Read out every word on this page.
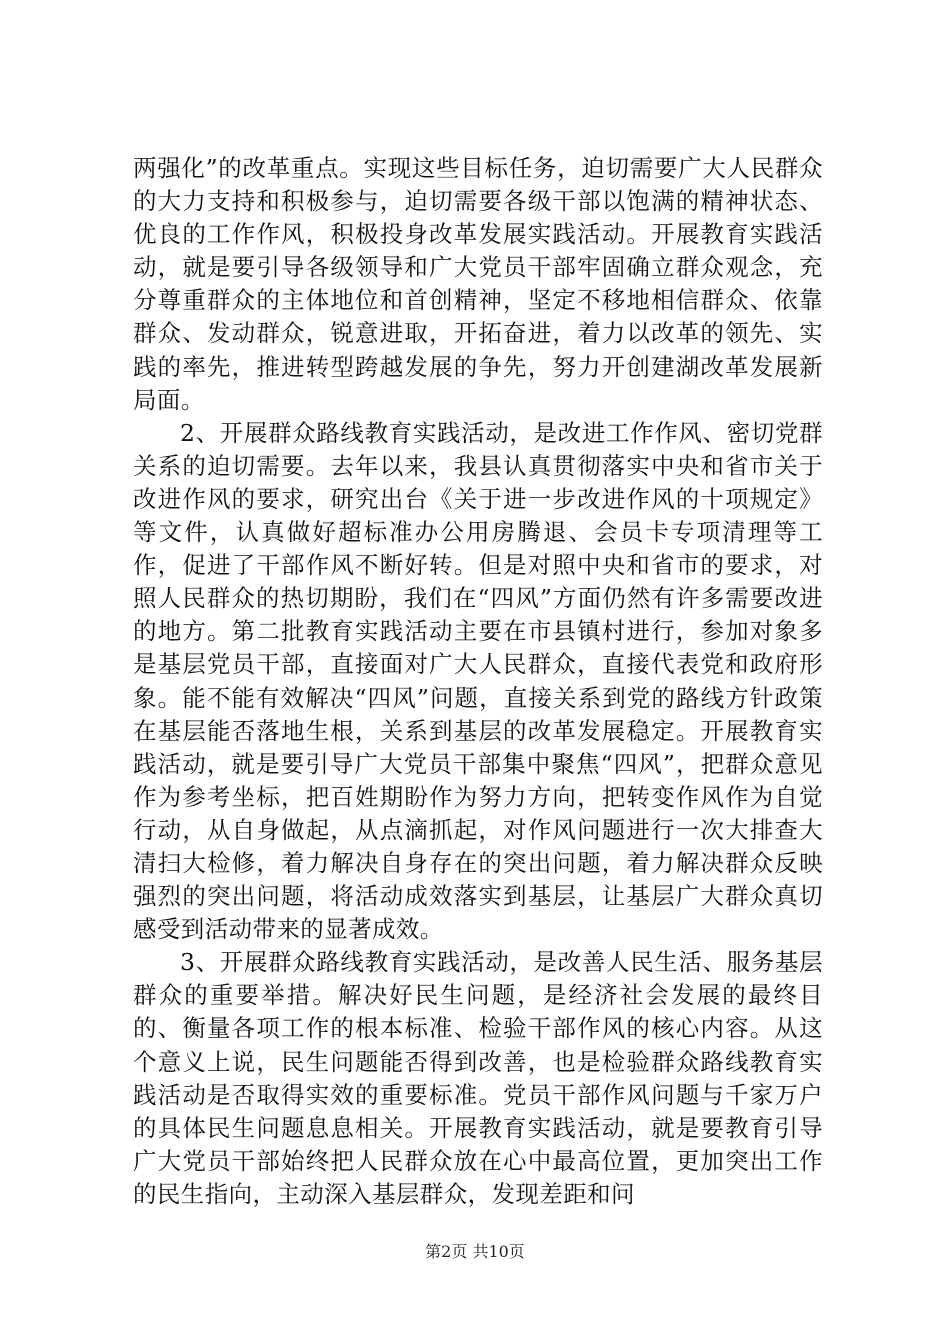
两强化”的改革重点。实现这些目标任务，迫切需要广大人民群众的大力支持和积极参与，迫切需要各级干部以饱满的精神状态、优良的工作作风，积极投身改革发展实践活动。开展教育实践活动，就是要引导各级领导和广大党员干部牢固确立群众观念，充分尊重群众的主体地位和首创精神，坚定不移地相信群众、依靠群众、发动群众，锐意进取，开拓奋进，着力以改革的领先、实践的率先，推进转型跨越发展的争先，努力开创建湖改革发展新局面。

2、开展群众路线教育实践活动，是改进工作作风、密切党群关系的迫切需要。去年以来，我县认真贯彻落实中央和省市关于改进作风的要求，研究出台《关于进一步改进作风的十项规定》等文件，认真做好超标准办公用房腾退、会员卡专项清理等工作，促进了干部作风不断好转。但是对照中央和省市的要求，对照人民群众的热切期盼，我们在“四风”方面仍然有许多需要改进的地方。第二批教育实践活动主要在市县镇村进行，参加对象多是基层党员干部，直接面对广大人民群众，直接代表党和政府形象。能不能有效解决“四风”问题，直接关系到党的路线方针政策在基层能否落地生根，关系到基层的改革发展稳定。开展教育实践活动，就是要引导广大党员干部集中聚焦“四风”，把群众意见作为参考坐标，把百姓期盼作为努力方向，把转变作风作为自觉行动，从自身做起，从点滴抓起，对作风问题进行一次大排查大清扫大检修，着力解决自身存在的突出问题，着力解决群众反映强烈的突出问题，将活动成效落实到基层，让基层广大群众真切感受到活动带来的显著成效。

3、开展群众路线教育实践活动，是改善人民生活、服务基层群众的重要举措。解决好民生问题，是经济社会发展的最终目的、衡量各项工作的根本标准、检验干部作风的核心内容。从这个意义上说，民生问题能否得到改善，也是检验群众路线教育实践活动是否取得实效的重要标准。党员干部作风问题与千家万户的具体民生问题息息相关。开展教育实践活动，就是要教育引导广大党员干部始终把人民群众放在心中最高位置，更加突出工作的民生指向，主动深入基层群众，发现差距和问

第2页 共10页
